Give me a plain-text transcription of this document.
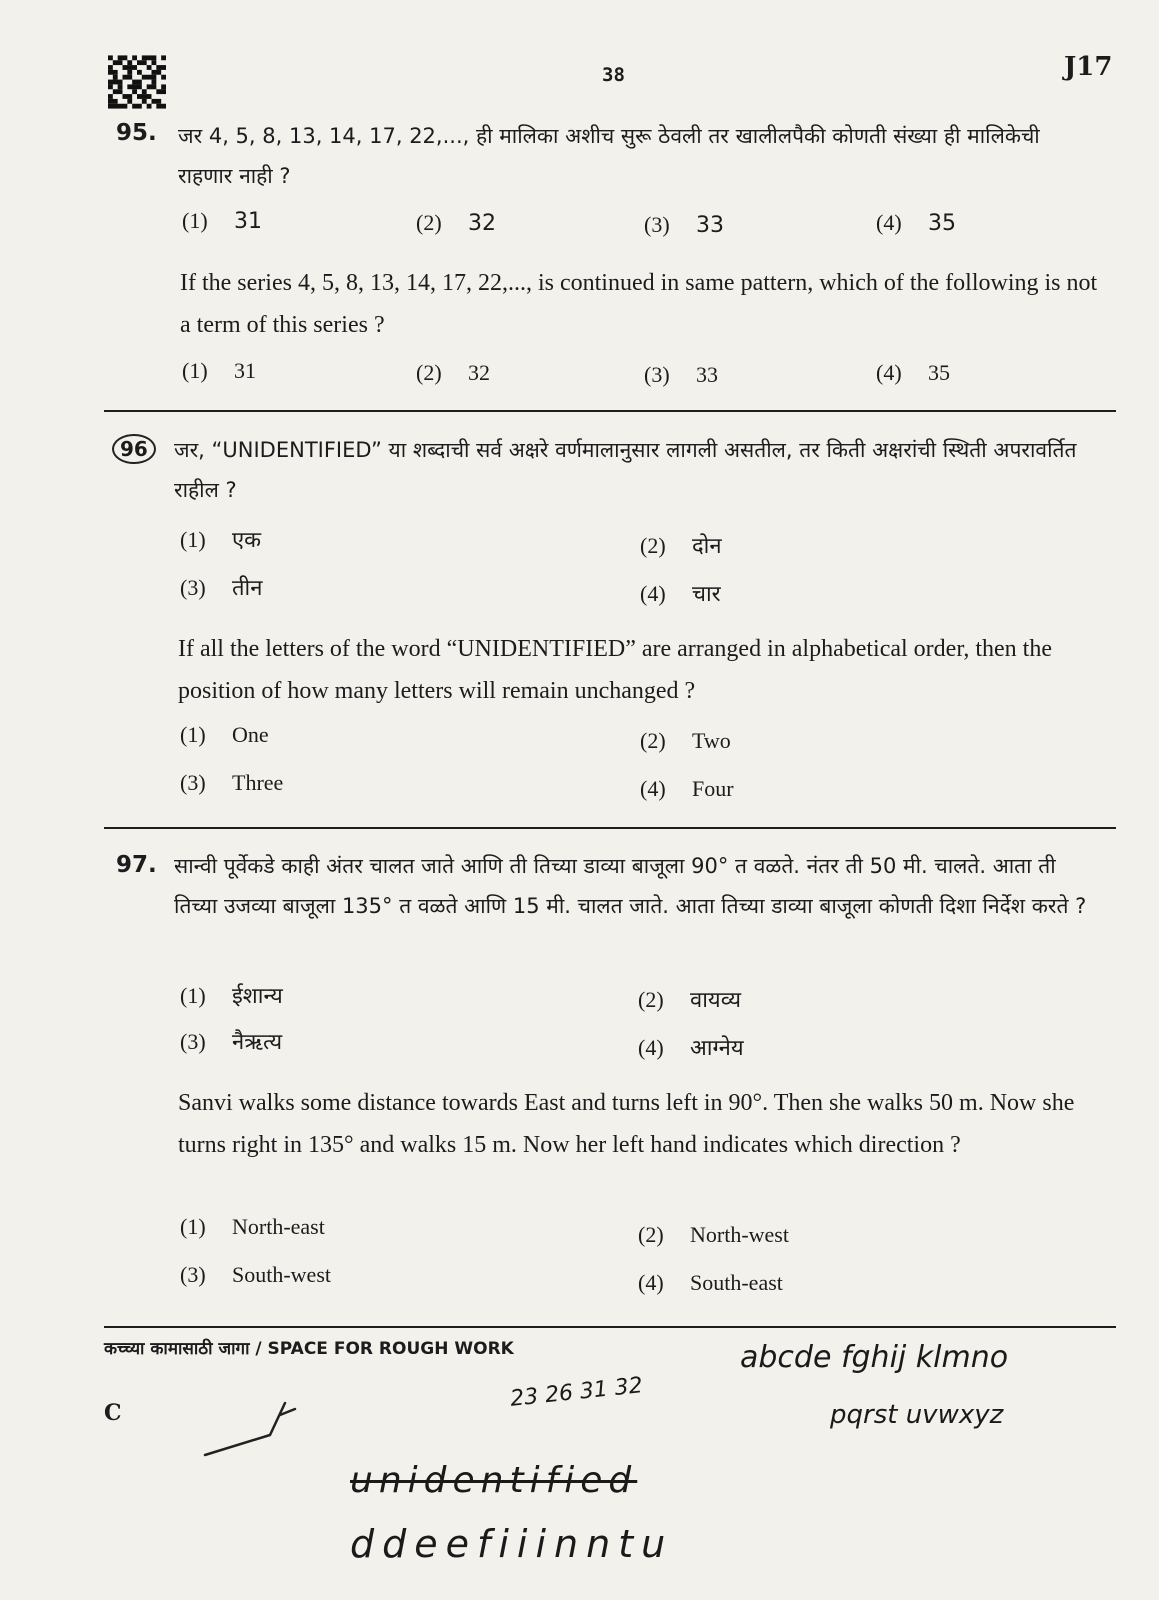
38	J17
95. जर 4, 5, 8, 13, 14, 17, 22,..., ही मालिका अशीच सुरू ठेवली तर खालीलपैकी कोणती संख्या ही मालिकेची राहणार नाही ?
(1) 31	(2) 32	(3) 33	(4) 35
If the series 4, 5, 8, 13, 14, 17, 22,..., is continued in same pattern, which of the following is not a term of this series ?
(1) 31	(2) 32	(3) 33	(4) 35
96	जर, “UNIDENTIFIED” या शब्दाची सर्व अक्षरे वर्णमालानुसार लागली असतील, तर किती अक्षरांची स्थिती अपरावर्तित राहील ?
(1) एक	(2) दोन
(3) तीन	(4) चार
If all the letters of the word “UNIDENTIFIED” are arranged in alphabetical order, then the position of how many letters will remain unchanged ?
(1) One	(2) Two
(3) Three	(4) Four
97. सान्वी पूर्वेकडे काही अंतर चालत जाते आणि ती तिच्या डाव्या बाजूला 90° त वळते. नंतर ती 50 मी. चालते. आता ती तिच्या उजव्या बाजूला 135° त वळते आणि 15 मी. चालत जाते. आता तिच्या डाव्या बाजूला कोणती दिशा निर्देश करते ?
(1) ईशान्य	(2) वायव्य
(3) नैऋत्य	(4) आग्नेय
Sanvi walks some distance towards East and turns left in 90°. Then she walks 50 m. Now she turns right in 135° and walks 15 m. Now her left hand indicates which direction ?
(1) North-east	(2) North-west
(3) South-west	(4) South-east
कच्च्या कामासाठी जागा / SPACE FOR ROUGH WORK
C
abcde fghij klmno
pqrst uvwxyz
23 26 31 32
unidentified
ddeefiiinntu
